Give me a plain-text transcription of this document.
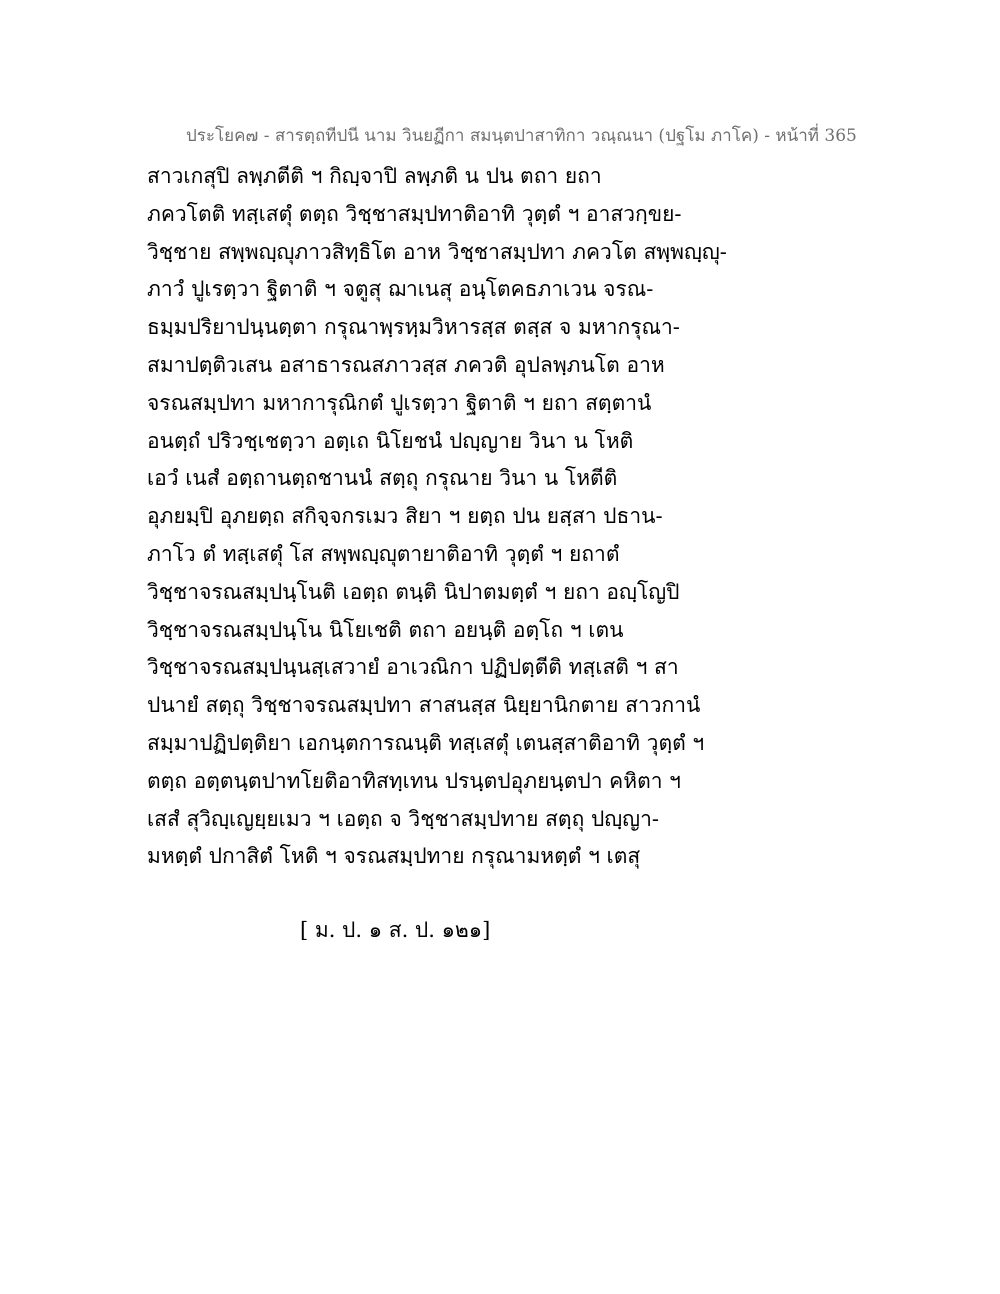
ประโยค๗ - สารตฺถทีปนี นาม วินยฏีกา สมนฺตปาสาทิกา วณฺณนา (ปฐโม ภาโค) - หน้าที่ 365
สาวเกสุปิ ลพฺภตีติ ฯ กิญฺจาปิ ลพฺภติ น ปน ตถา ยถา
ภควโตติ ทสฺเสตุํ ตตฺถ วิชฺชาสมฺปทาติอาทิ วุตฺตํ ฯ อาสวกฺขย-
วิชฺชาย สพฺพญฺญุภาวสิทฺธิโต อาห วิชฺชาสมฺปทา ภควโต สพฺพญฺญุ-
ภาวํ ปูเรตฺวา ฐิตาติ ฯ จตูสุ ฌาเนสุ อนฺโตคธภาเวน จรณ-
ธมฺมปริยาปนฺนตฺตา กรุณาพฺรหฺมวิหารสฺส ตสฺส จ มหากรุณา-
สมาปตฺติวเสน อสาธารณสภาวสฺส ภควติ อุปลพฺภนโต อาห
จรณสมฺปทา มหาการุณิกตํ ปูเรตฺวา ฐิตาติ ฯ ยถา สตฺตานํ
อนตฺถํ ปริวชฺเชตฺวา อตฺเถ นิโยชนํ ปญฺญาย วินา น โหติ
เอวํ เนสํ อตฺถานตฺถชานนํ สตฺถุ กรุณาย วินา น โหตีติ
อุภยมฺปิ อุภยตฺถ สกิจฺจกรเมว สิยา ฯ ยตฺถ ปน ยสฺสา ปธาน-
ภาโว ตํ ทสฺเสตุํ โส สพฺพญฺญุตายาติอาทิ วุตฺตํ ฯ ยถาตํ
วิชฺชาจรณสมฺปนฺโนติ เอตฺถ ตนฺติ นิปาตมตฺตํ ฯ ยถา อญฺโญปิ
วิชฺชาจรณสมฺปนฺโน นิโยเชติ ตถา อยนฺติ อตฺโถ ฯ เตน
วิชฺชาจรณสมฺปนฺนสฺเสวายํ อาเวณิกา ปฏิปตฺตีติ ทสฺเสติ ฯ สา
ปนายํ สตฺถุ วิชฺชาจรณสมฺปทา สาสนสฺส นิยฺยานิกตาย สาวกานํ
สมฺมาปฏิปตฺติยา เอกนฺตการณนฺติ ทสฺเสตุํ เตนสฺสาติอาทิ วุตฺตํ ฯ
ตตฺถ อตฺตนฺตปาทโยติอาทิสทฺเทน ปรนฺตปอุภยนฺตปา คหิตา ฯ
เสสํ สุวิญฺเญยฺยเมว ฯ เอตฺถ จ วิชฺชาสมฺปทาย สตฺถุ ปญฺญา-
มหตฺตํ ปกาสิตํ โหติ ฯ จรณสมฺปทาย กรุณามหตฺตํ ฯ เตสุ
[ ม. ป. ๑ ส. ป. ๑๒๑]
